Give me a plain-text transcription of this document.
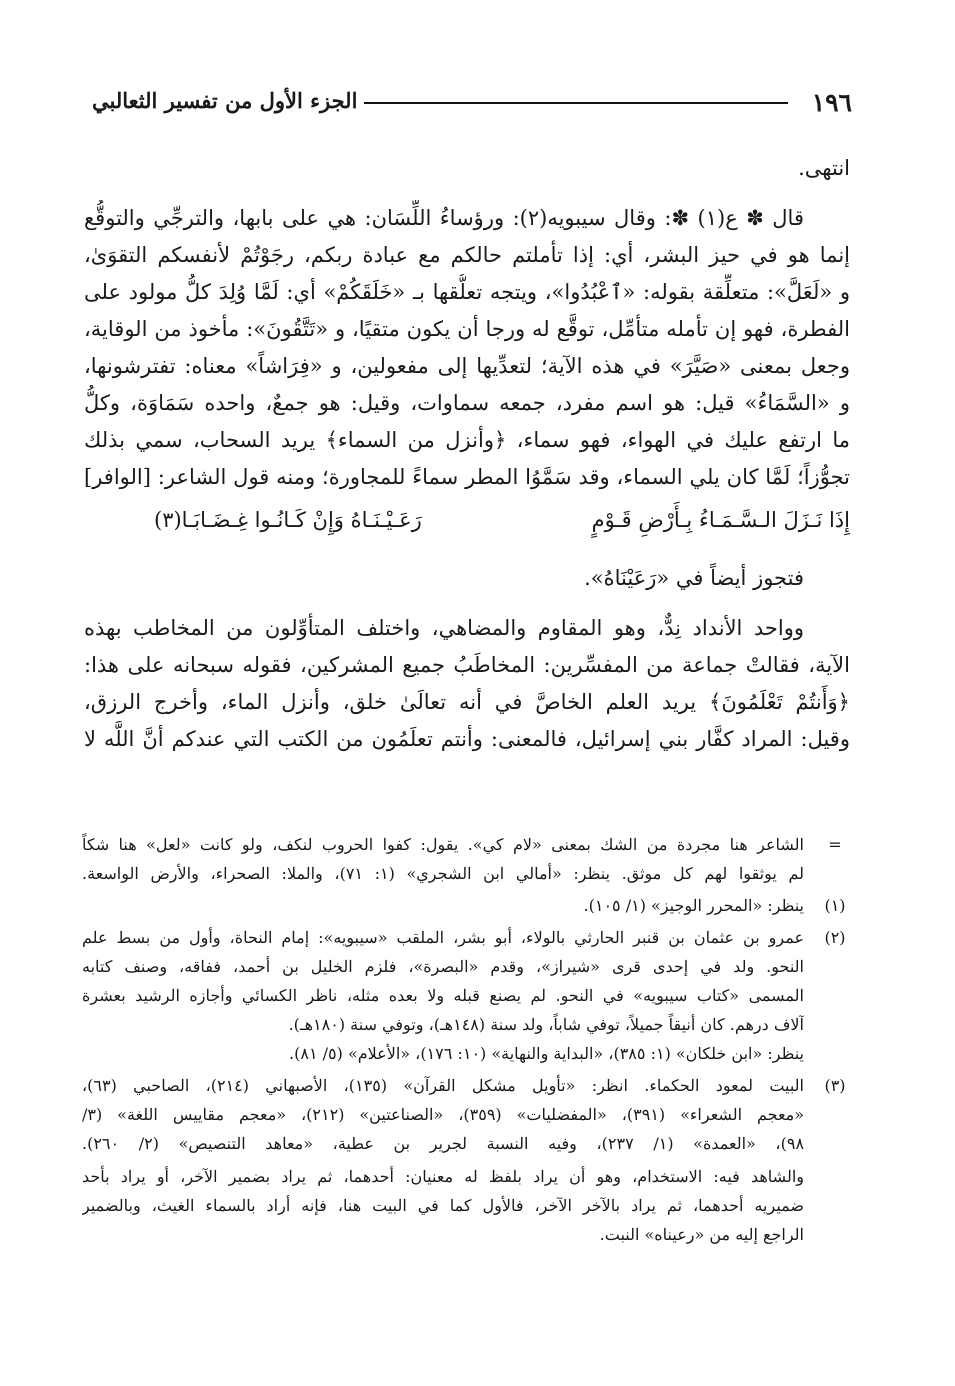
١٩٦
الجزء الأول من تفسير الثعالبي
انتهى.
قال ✽ ع(١) ✽: وقال سيبويه(٢): ورؤساءُ اللِّسَان: هي على بابها، والترجِّي والتوقُّع
إنما هو في حيز البشر، أي: إذا تأملتم حالكم مع عبادة ربكم، رجَوْتُمْ لأنفسكم التقوَىٰ،
و «لَعَلَّ»: متعلِّقة بقوله: «ٱعْبُدُوا»، ويتجه تعلُّقها بـ «خَلَقَكُمْ» أي: لَمَّا وُلِدَ كلُّ مولود على
الفطرة، فهو إن تأمله متأمِّل، توقَّع له ورجا أن يكون متقيًا، و «تَتَّقُونَ»: مأخوذ من الوقاية،
وجعل بمعنى «صَيَّرَ» في هذه الآية؛ لتعدِّيها إلى مفعولين، و «فِرَاشاً» معناه: تفترشونها،
و «السَّمَاءُ» قيل: هو اسم مفرد، جمعه سماوات، وقيل: هو جمعٌ، واحده سَمَاوَة، وكلُّ
ما ارتفع عليك في الهواء، فهو سماء، ﴿وأنزل من السماء﴾ يريد السحاب، سمي بذلك
تجوُّزاً؛ لَمَّا كان يلي السماء، وقد سَمَّوُا المطر سماءً للمجاورة؛ ومنه قول الشاعر: [الوافر]
إِذَا نَـزَلَ الـسَّـمَـاءُ بِـأَرْضِ قَـوْمٍ
رَعَـيْـنَـاهُ وَإِنْ كَـانُـوا غِـضَـابَـا(٣)
فتجوز أيضاً في «رَعَيْنَاهُ».
وواحد الأنداد نِدٌّ، وهو المقاوم والمضاهي، واختلف المتأوِّلون من المخاطب بهذه
الآية، فقالتْ جماعة من المفسِّرين: المخاطَبُ جميع المشركين، فقوله سبحانه على هذا:
﴿وَأَنتُمْ تَعْلَمُونَ﴾ يريد العلم الخاصَّ في أنه تعالَىٰ خلق، وأنزل الماء، وأخرج الرزق،
وقيل: المراد كفَّار بني إسرائيل، فالمعنى: وأنتم تعلَمُون من الكتب التي عندكم أنَّ اللَّه لا
=
الشاعر هنا مجردة من الشك بمعنى «لام كي». يقول: كفوا الحروب لنكف، ولو كانت «لعل» هنا شكاً
لم يوثقوا لهم كل موثق. ينظر: «أمالي ابن الشجري» (١: ٧١)، والملا: الصحراء، والأرض الواسعة.
(١)
ينظر: «المحرر الوجيز» (١/ ١٠٥).
(٢)
عمرو بن عثمان بن قنبر الحارثي بالولاء، أبو بشر، الملقب «سيبويه»: إمام النحاة، وأول من بسط علم
النحو. ولد في إحدى قرى «شيراز»، وقدم «البصرة»، فلزم الخليل بن أحمد، ففاقه، وصنف كتابه
المسمى «كتاب سيبويه» في النحو. لم يصنع قبله ولا بعده مثله، ناظر الكسائي وأجازه الرشيد بعشرة
آلاف درهم. كان أنيقاً جميلاً، توفي شاباً، ولد سنة (١٤٨هـ)، وتوفي سنة (١٨٠هـ).
ينظر: «ابن خلكان» (١: ٣٨٥)، «البداية والنهاية» (١٠: ١٧٦)، «الأعلام» (٥/ ٨١).
(٣)
البيت لمعود الحكماء. انظر: «تأويل مشكل القرآن» (١٣٥)، الأصبهاني (٢١٤)، الصاحبي (٦٣)،
«معجم الشعراء» (٣٩١)، «المفضليات» (٣٥٩)، «الصناعتين» (٢١٢)، «معجم مقاييس اللغة» (٣/
٩٨)، «العمدة» (١/ ٢٣٧)، وفيه النسبة لجرير بن عطية، «معاهد التنصيص» (٢/ ٢٦٠).
والشاهد فيه: الاستخدام، وهو أن يراد بلفظ له معنيان: أحدهما، ثم يراد بضمير الآخر، أو يراد بأحد
ضميريه أحدهما، ثم يراد بالآخر الآخر، فالأول كما في البيت هنا، فإنه أراد بالسماء الغيث، وبالضمير
الراجع إليه من «رعيناه» النبت.
